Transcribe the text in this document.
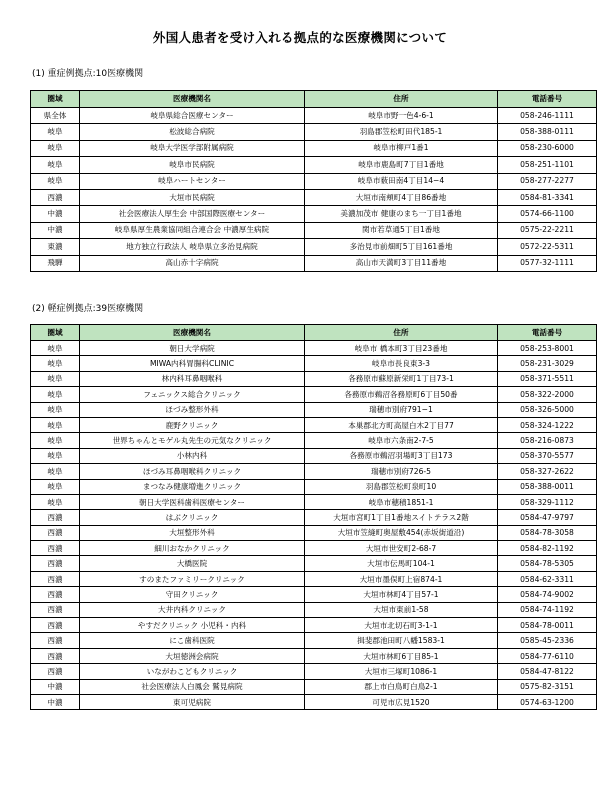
外国人患者を受け入れる拠点的な医療機関について
(1) 重症例拠点:10医療機関
圏域	医療機関名	住所	電話番号
県全体	岐阜県総合医療センター	岐阜市野一色4-6-1	058-246-1111
岐阜	松波総合病院	羽島郡笠松町田代185-1	058-388-0111
岐阜	岐阜大学医学部附属病院	岐阜市柳戸1番1	058-230-6000
岐阜	岐阜市民病院	岐阜市鹿島町7丁目1番地	058-251-1101
岐阜	岐阜ハートセンター	岐阜市薮田南4丁目14−4	058-277-2277
西濃	大垣市民病院	大垣市南頬町4丁目86番地	0584-81-3341
中濃	社会医療法人厚生会 中部国際医療センター	美濃加茂市 健康のまち一丁目1番地	0574-66-1100
中濃	岐阜県厚生農業協同組合連合会 中濃厚生病院	関市若草通5丁目1番地	0575-22-2211
東濃	地方独立行政法人 岐阜県立多治見病院	多治見市前畑町5丁目161番地	0572-22-5311
飛騨	高山赤十字病院	高山市天満町3丁目11番地	0577-32-1111
(2) 軽症例拠点:39医療機関
圏域	医療機関名	住所	電話番号
岐阜	朝日大学病院	岐阜市 橋本町3丁目23番地	058-253-8001
岐阜	MIWA内科胃腸科CLINIC	岐阜市長良東3-3	058-231-3029
岐阜	林内科耳鼻咽喉科	各務原市蘇原新栄町1丁目73-1	058-371-5511
岐阜	フェニックス総合クリニック	各務原市鵜沼各務原町6丁目50番	058-322-2000
岐阜	ほづみ整形外科	瑞穂市別府791−1	058-326-5000
岐阜	鹿野クリニック	本巣郡北方町高屋白木2丁目77	058-324-1222
岐阜	世界ちゃんとモゲル丸先生の元気なクリニック	岐阜市六条南2-7-5	058-216-0873
岐阜	小林内科	各務原市鵜沼羽場町3丁目173	058-370-5577
岐阜	ほづみ耳鼻咽喉科クリニック	瑞穂市別府726-5	058-327-2622
岐阜	まつなみ健康増進クリニック	羽島郡笠松町泉町10	058-388-0011
岐阜	朝日大学医科歯科医療センター	岐阜市穂積1851-1	058-329-1112
西濃	はぶクリニック	大垣市宮町1丁目1番地スイトテラス2階	0584-47-9797
西濃	大垣整形外科	大垣市笠縫町奥屋敷454(赤坂街道沿)	0584-78-3058
西濃	細川おなかクリニック	大垣市世安町2-68-7	0584-82-1192
西濃	大橋医院	大垣市伝馬町104-1	0584-78-5305
西濃	すのまたファミリークリニック	大垣市墨俣町上宿874-1	0584-62-3311
西濃	守田クリニック	大垣市林町4丁目57-1	0584-74-9002
西濃	大井内科クリニック	大垣市東前1-58	0584-74-1192
西濃	やすだクリニック 小児科・内科	大垣市北切石町3-1-1	0584-78-0011
西濃	にこ歯科医院	揖斐郡池田町八幡1583-1	0585-45-2336
西濃	大垣徳洲会病院	大垣市林町6丁目85-1	0584-77-6110
西濃	いながわこどもクリニック	大垣市三塚町1086-1	0584-47-8122
中濃	社会医療法人白鳳会 鷲見病院	郡上市白鳥町白鳥2-1	0575-82-3151
中濃	東可児病院	可児市広見1520	0574-63-1200
